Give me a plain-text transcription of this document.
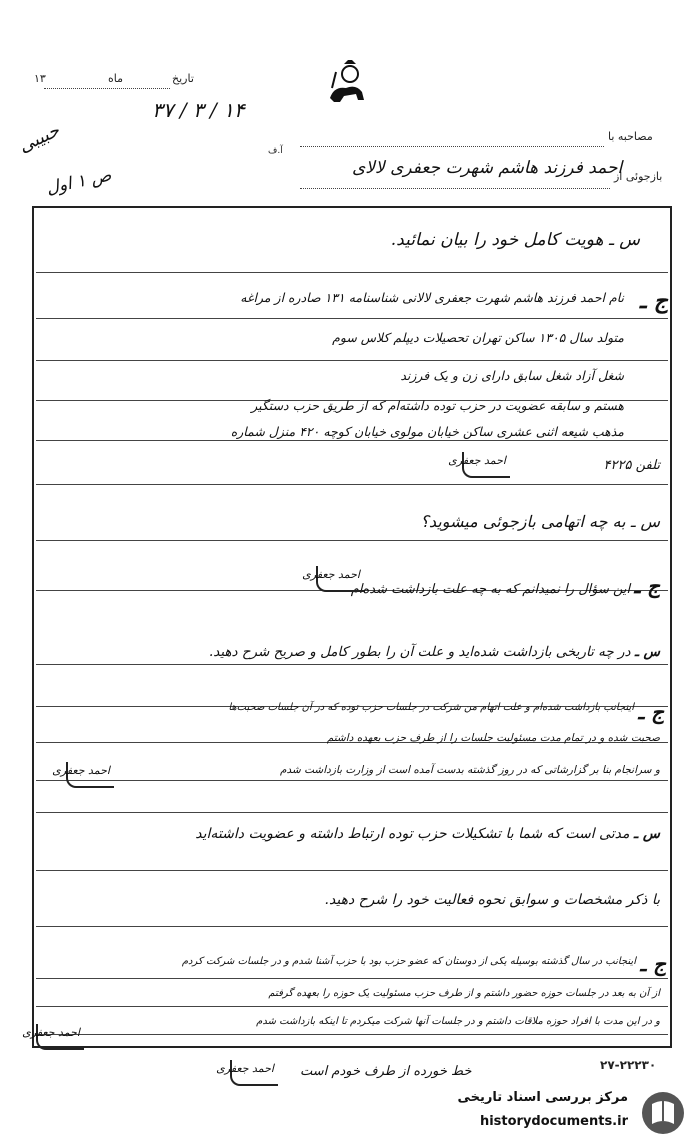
تاریخ
ماه
۱۳
۱۴ / ۳ / ۳۷
مصاحبه با
آ.ف
بازجوئی از
احمد فرزند هاشم شهرت جعفری لالای
حبیبی
ص ۱ اول
س ـ هویت کامل خود را بیان نمائید.
ج ـ
نام احمد فرزند هاشم شهرت جعفری لالانی شناسنامه ۱۳۱ صادره از مراغه
متولد سال ۱۳۰۵ ساکن تهران تحصیلات دیپلم کلاس سوم
شغل آزاد شغل سابق دارای زن و یک فرزند
هستم و سابقه عضویت در حزب توده داشته‌ام که از طریق حزب دستگیر
مذهب شیعه اثنی عشری ساکن خیابان مولوی خیابان کوچه ۴۲۰ منزل شماره
تلفن ۴۲۲۵
احمد جعفری
س ـ به چه اتهامی بازجوئی میشوید؟
ج ـ این سؤال را نمیدانم که به چه علت بازداشت شده‌ام
احمد جعفری
س ـ در چه تاریخی بازداشت شده‌اید و علت آن را بطور کامل و صریح شرح دهید.
ج ـ
اینجانب بازداشت شده‌ام و علت اتهام من شرکت در جلسات حزب توده که در آن جلسات صحبت‌ها
صحبت شده و در تمام مدت مسئولیت جلسات را از طرف حزب بعهده داشتم
و سرانجام بنا بر گزارشاتی که در روز گذشته بدست آمده است از وزارت بازداشت شدم
احمد جعفری
س ـ مدتی است که شما با تشکیلات حزب توده ارتباط داشته و عضویت داشته‌اید
با ذکر مشخصات و سوابق نحوه فعالیت خود را شرح دهید.
ج ـ
اینجانب در سال گذشته بوسیله یکی از دوستان که عضو حزب بود با حزب آشنا شدم و در جلسات شرکت کردم
از آن به بعد در جلسات حوزه حضور داشتم و از طرف حزب مسئولیت یک حوزه را بعهده گرفتم
و در این مدت با افراد حوزه ملاقات داشتم و در جلسات آنها شرکت میکردم تا اینکه بازداشت شدم
احمد جعفری
خط خورده از طرف خودم است
احمد جعفری	۲۷-۲۲۲۳۰
مرکز بررسی اسناد تاریخی
historydocuments.ir
